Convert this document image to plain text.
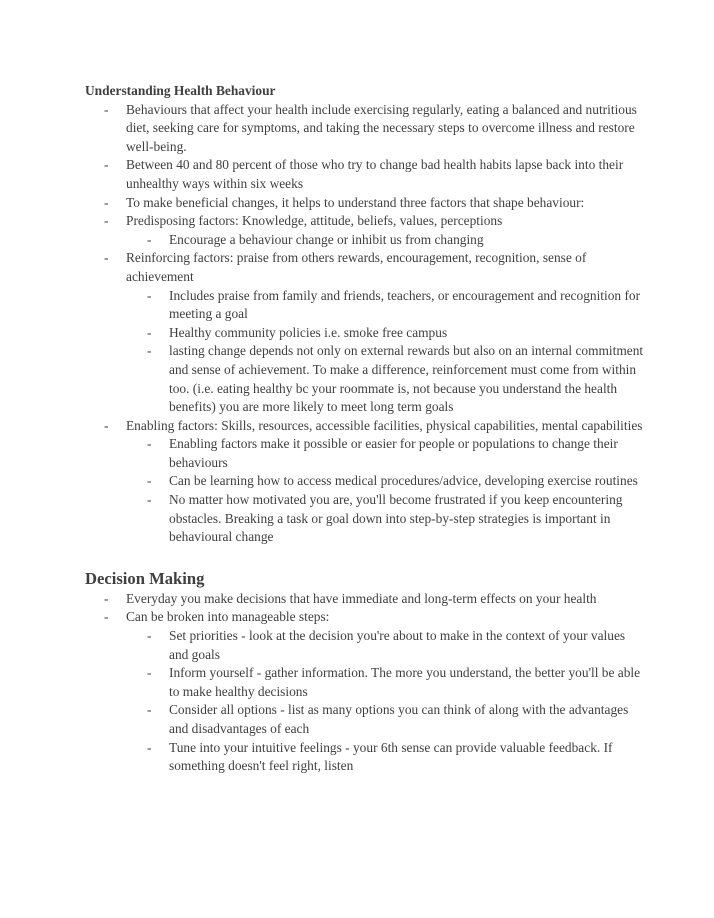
Understanding Health Behaviour

- Behaviours that affect your health include exercising regularly, eating a balanced and nutritious diet, seeking care for symptoms, and taking the necessary steps to overcome illness and restore well-being.
- Between 40 and 80 percent of those who try to change bad health habits lapse back into their unhealthy ways within six weeks
- To make beneficial changes, it helps to understand three factors that shape behaviour:
- Predisposing factors: Knowledge, attitude, beliefs, values, perceptions
- Encourage a behaviour change or inhibit us from changing
- Reinforcing factors: praise from others rewards, encouragement, recognition, sense of achievement
- Includes praise from family and friends, teachers, or encouragement and recognition for meeting a goal
- Healthy community policies i.e. smoke free campus
- lasting change depends not only on external rewards but also on an internal commitment and sense of achievement. To make a difference, reinforcement must come from within too. (i.e. eating healthy bc your roommate is, not because you understand the health benefits) you are more likely to meet long term goals
- Enabling factors: Skills, resources, accessible facilities, physical capabilities, mental capabilities
- Enabling factors make it possible or easier for people or populations to change their behaviours
- Can be learning how to access medical procedures/advice, developing exercise routines
- No matter how motivated you are, you'll become frustrated if you keep encountering obstacles. Breaking a task or goal down into step-by-step strategies is important in behavioural change
Decision Making
- Everyday you make decisions that have immediate and long-term effects on your health
- Can be broken into manageable steps:
- Set priorities - look at the decision you're about to make in the context of your values and goals
- Inform yourself - gather information. The more you understand, the better you'll be able to make healthy decisions
- Consider all options - list as many options you can think of along with the advantages and disadvantages of each
- Tune into your intuitive feelings - your 6th sense can provide valuable feedback. If something doesn't feel right, listen
